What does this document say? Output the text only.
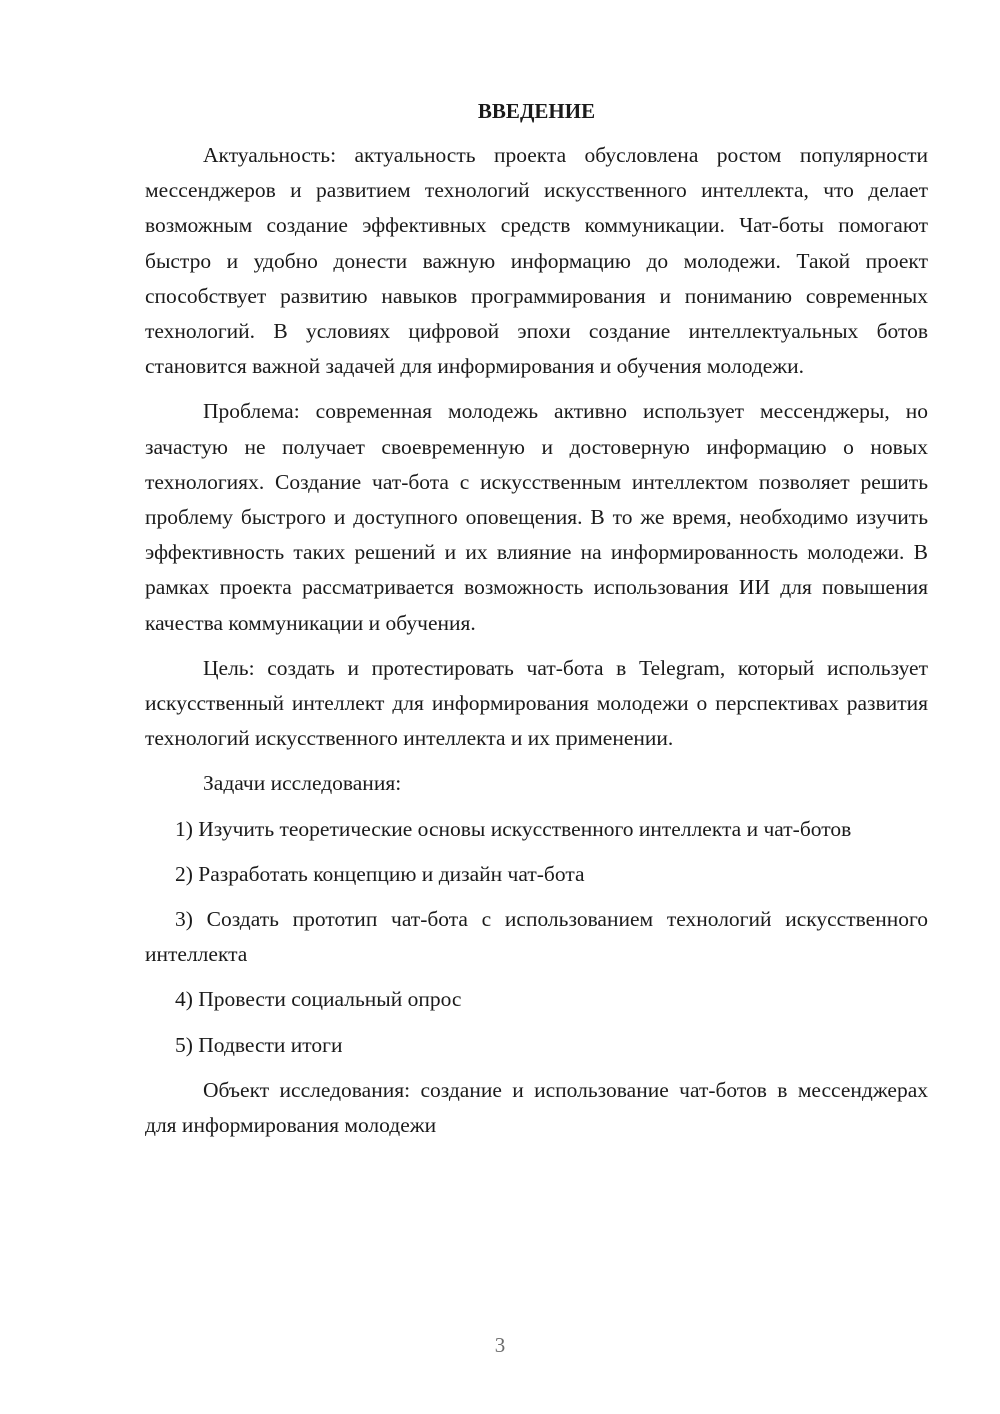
ВВЕДЕНИЕ

Актуальность: актуальность проекта обусловлена ростом популярности мессенджеров и развитием технологий искусственного интеллекта, что делает возможным создание эффективных средств коммуникации. Чат-боты помогают быстро и удобно донести важную информацию до молодежи. Такой проект способствует развитию навыков программирования и пониманию современных технологий. В условиях цифровой эпохи создание интеллектуальных ботов становится важной задачей для информирования и обучения молодежи.

Проблема: современная молодежь активно использует мессенджеры, но зачастую не получает своевременную и достоверную информацию о новых технологиях. Создание чат-бота с искусственным интеллектом позволяет решить проблему быстрого и доступного оповещения. В то же время, необходимо изучить эффективность таких решений и их влияние на информированность молодежи. В рамках проекта рассматривается возможность использования ИИ для повышения качества коммуникации и обучения.

Цель: создать и протестировать чат-бота в Telegram, который использует искусственный интеллект для информирования молодежи о перспективах развития технологий искусственного интеллекта и их применении.

Задачи исследования:

1) Изучить теоретические основы искусственного интеллекта и чат-ботов

2) Разработать концепцию и дизайн чат-бота

3) Создать прототип чат-бота с использованием технологий искусственного интеллекта

4) Провести социальный опрос

5) Подвести итоги

Объект исследования: создание и использование чат-ботов в мессенджерах для информирования молодежи

3
